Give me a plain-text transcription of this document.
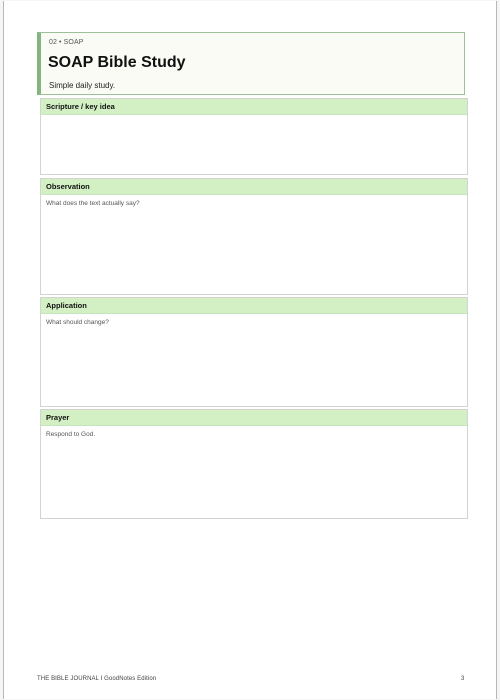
02 • SOAP
SOAP Bible Study
Simple daily study.
Scripture / key idea
Observation
What does the text actually say?
Application
What should change?
Prayer
Respond to God.
THE BIBLE JOURNAL I GoodNotes Edition	3
